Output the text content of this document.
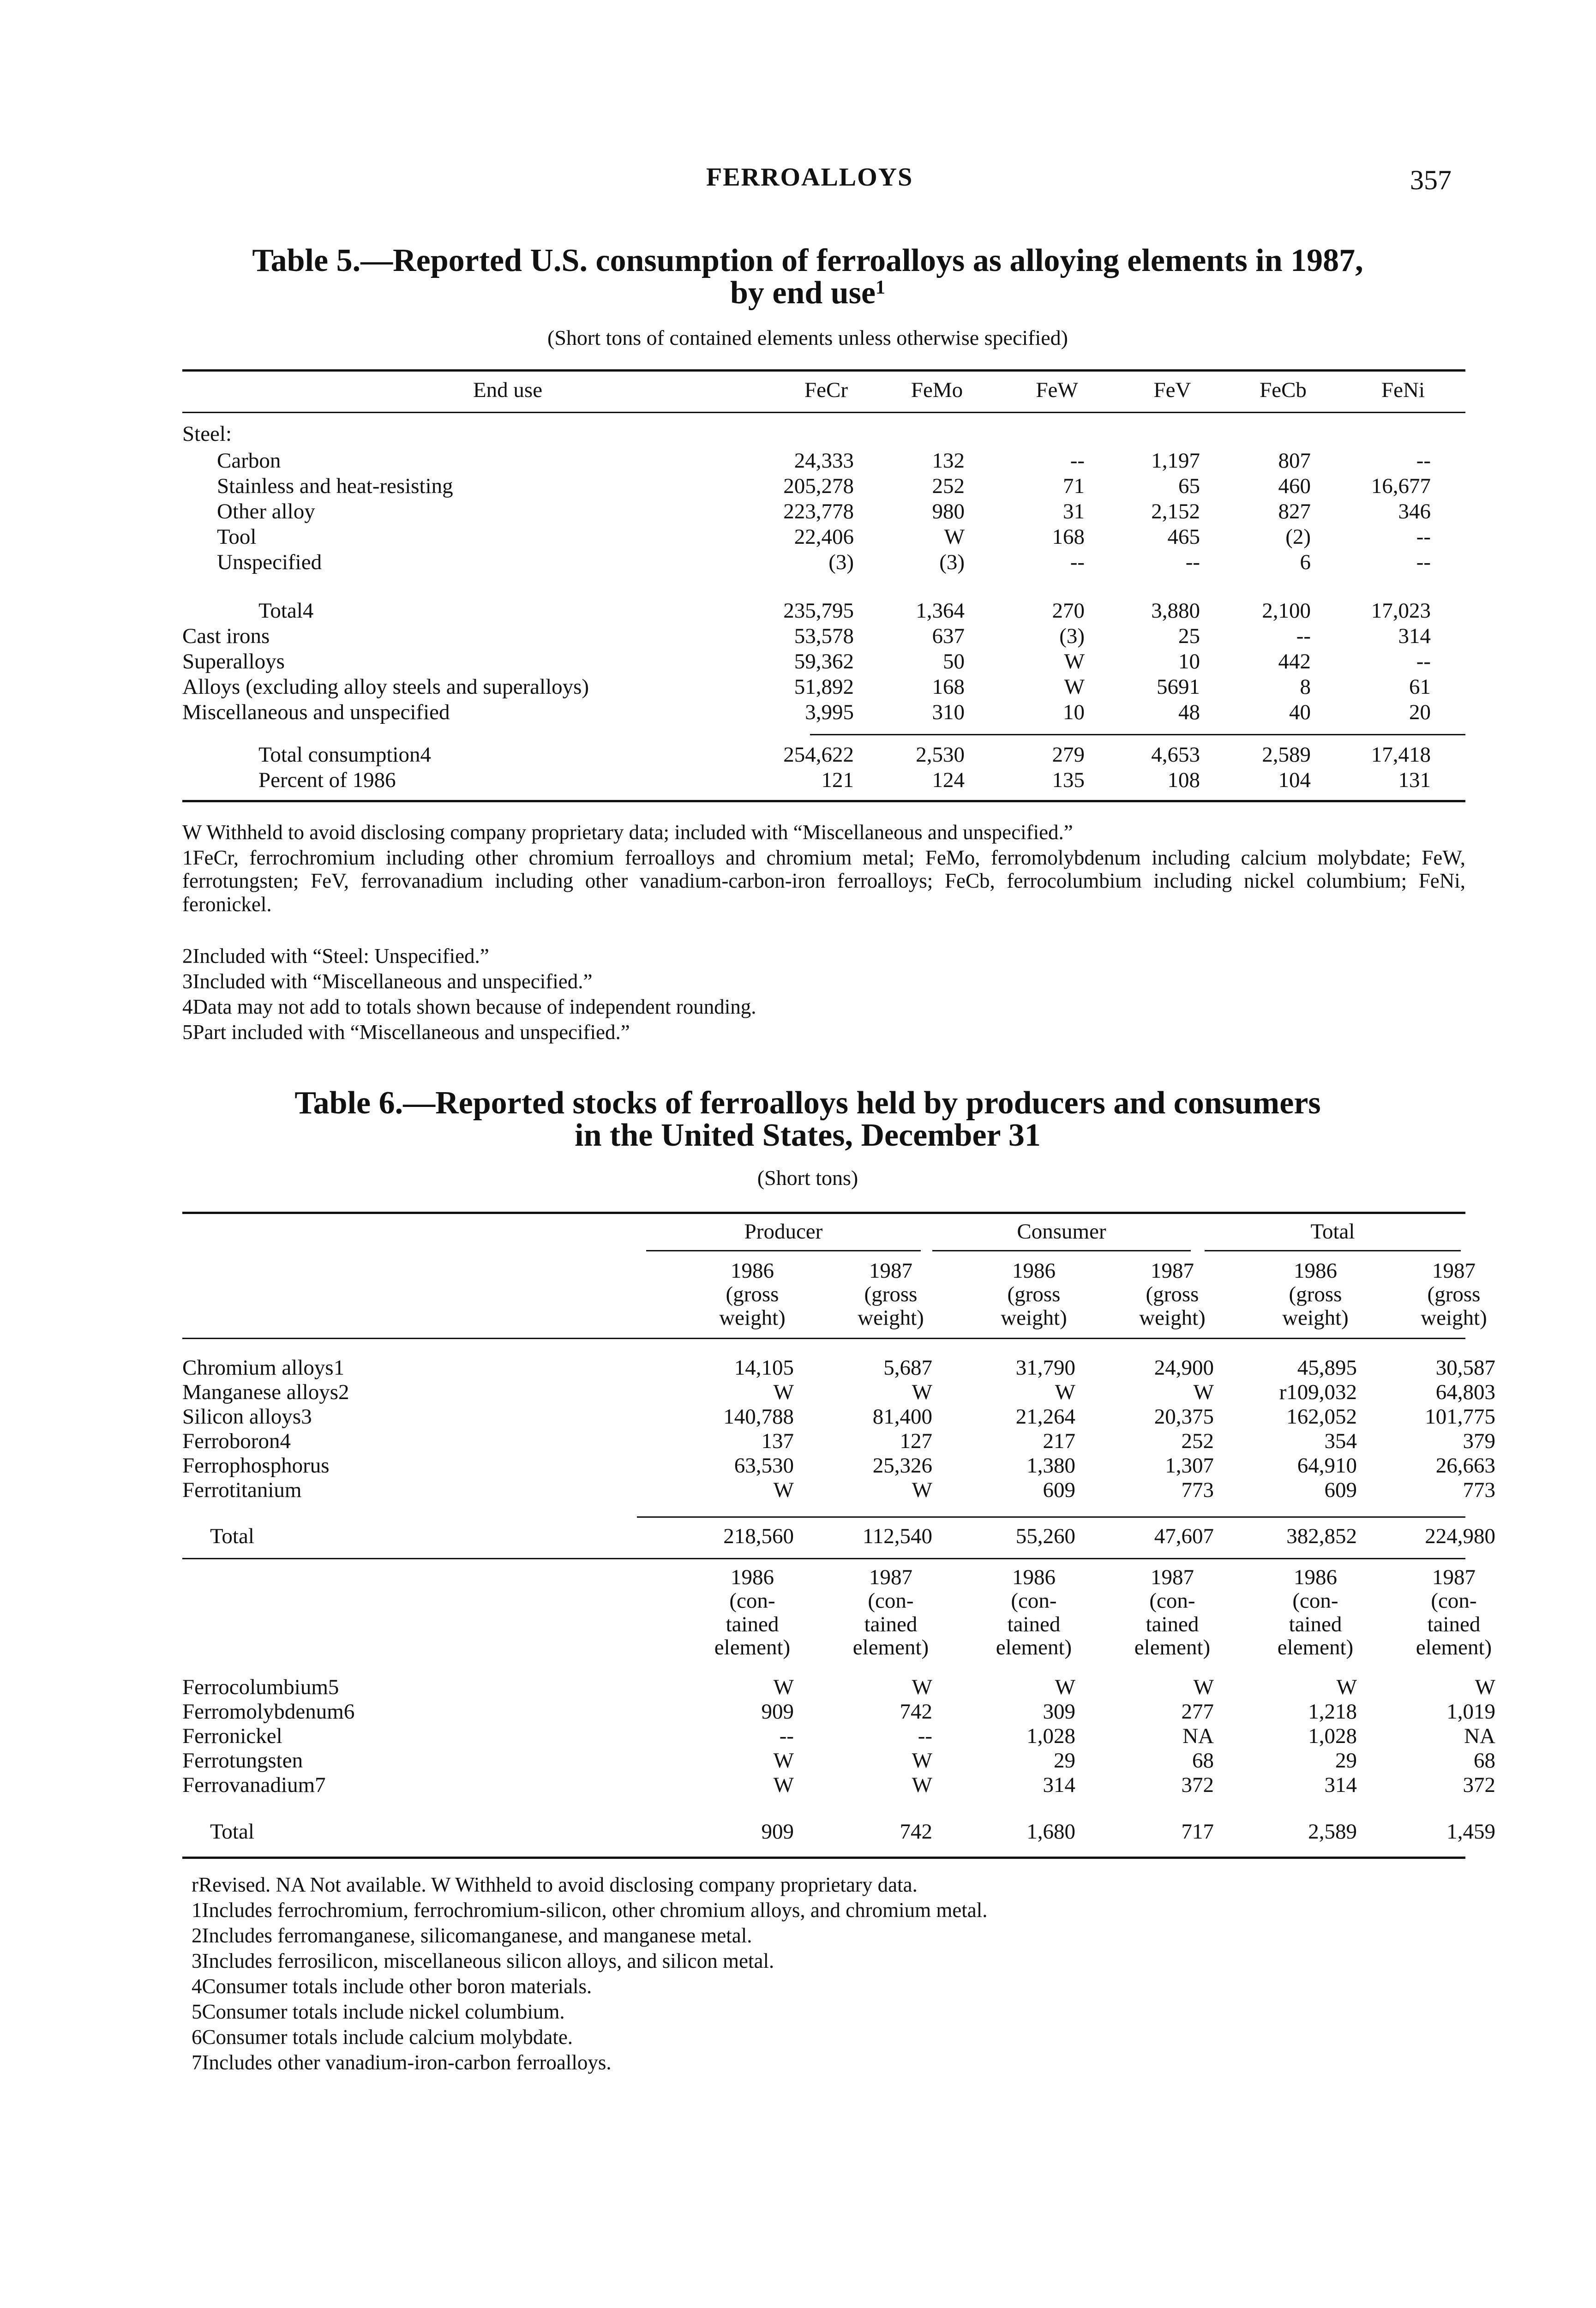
FERROALLOYS	357
Table 5.—Reported U.S. consumption of ferroalloys as alloying elements in 1987,
by end use$^1$
(Short tons of contained elements unless otherwise specified)
End use	FeCr	FeMo	FeW	FeV	FeCb	FeNi
Steel:
Carbon	24,333	132	--	1,197	807	--
Stainless and heat-resisting	205,278	252	71	65	460	16,677
Other alloy	223,778	980	31	2,152	827	346
Tool	22,406	W	168	465	(2)	--
Unspecified	(3)	(3)	--	--	6	--
Total4	235,795	1,364	270	3,880	2,100	17,023
Cast irons	53,578	637	(3)	25	--	314
Superalloys	59,362	50	W	10	442	--
Alloys (excluding alloy steels and superalloys)	51,892	168	W	5691	8	61
Miscellaneous and unspecified	3,995	310	10	48	40	20
Total consumption4	254,622	2,530	279	4,653	2,589	17,418
Percent of 1986	121	124	135	108	104	131
W Withheld to avoid disclosing company proprietary data; included with “Miscellaneous and unspecified.”
1FeCr, ferrochromium including other chromium ferroalloys and chromium metal; FeMo, ferromolybdenum including calcium molybdate; FeW, ferrotungsten; FeV, ferrovanadium including other vanadium-carbon-iron ferroalloys; FeCb, ferrocolumbium including nickel columbium; FeNi, feronickel.
2Included with “Steel: Unspecified.”
3Included with “Miscellaneous and unspecified.”
4Data may not add to totals shown because of independent rounding.
5Part included with “Miscellaneous and unspecified.”
Table 6.—Reported stocks of ferroalloys held by producers and consumers
in the United States, December 31
(Short tons)
Producer	Consumer	Total
1986
(gross
weight)
1987
(gross
weight)
1986
(gross
weight)
1987
(gross
weight)
1986
(gross
weight)
1987
(gross
weight)
Chromium alloys1	14,105	5,687	31,790	24,900	45,895	30,587
Manganese alloys2	W	W	W	W	r109,032	64,803
Silicon alloys3	140,788	81,400	21,264	20,375	162,052	101,775
Ferroboron4	137	127	217	252	354	379
Ferrophosphorus	63,530	25,326	1,380	1,307	64,910	26,663
Ferrotitanium	W	W	609	773	609	773
Total	218,560	112,540	55,260	47,607	382,852	224,980
1986
(con-
tained
element)
1987
(con-
tained
element)
1986
(con-
tained
element)
1987
(con-
tained
element)
1986
(con-
tained
element)
1987
(con-
tained
element)
Ferrocolumbium5	W	W	W	W	W	W
Ferromolybdenum6	909	742	309	277	1,218	1,019
Ferronickel	--	--	1,028	NA	1,028	NA
Ferrotungsten	W	W	29	68	29	68
Ferrovanadium7	W	W	314	372	314	372
Total	909	742	1,680	717	2,589	1,459
rRevised. NA Not available. W Withheld to avoid disclosing company proprietary data.
1Includes ferrochromium, ferrochromium-silicon, other chromium alloys, and chromium metal.
2Includes ferromanganese, silicomanganese, and manganese metal.
3Includes ferrosilicon, miscellaneous silicon alloys, and silicon metal.
4Consumer totals include other boron materials.
5Consumer totals include nickel columbium.
6Consumer totals include calcium molybdate.
7Includes other vanadium-iron-carbon ferroalloys.
